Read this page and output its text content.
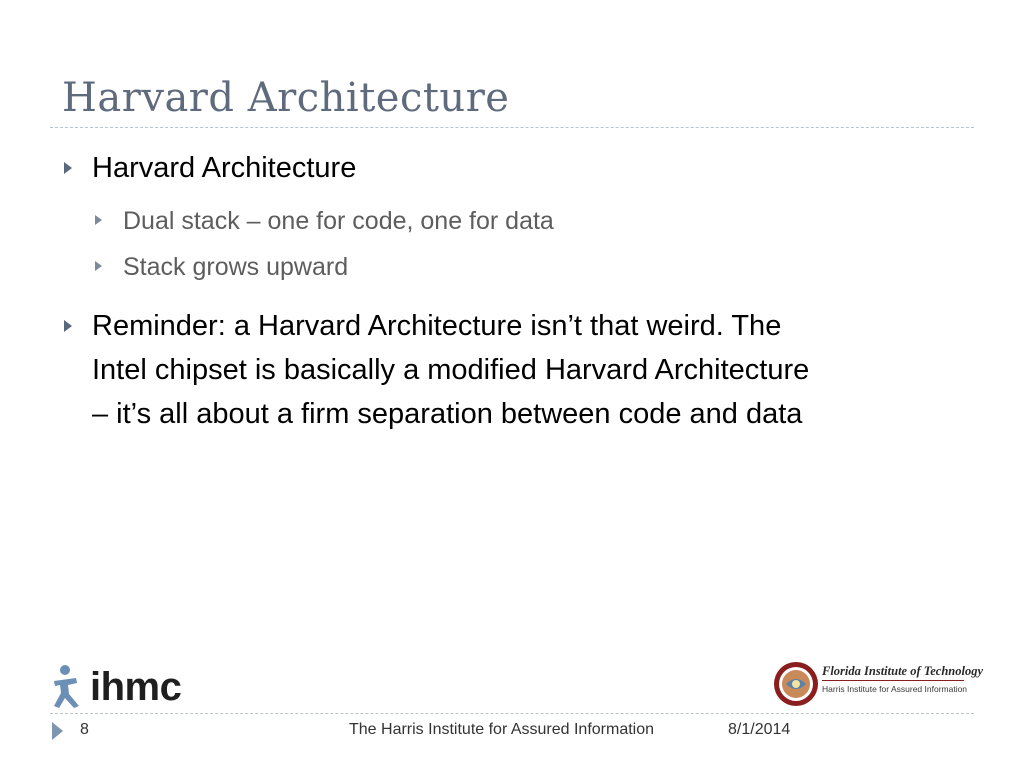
Harvard Architecture
Harvard Architecture
Dual stack – one for code, one for data
Stack grows upward
Reminder: a Harvard Architecture isn’t that weird. The
Intel chipset is basically a modified Harvard Architecture
– it’s all about a firm separation between code and data
ihmc	Florida Institute of Technology
Harris Institute for Assured Information
8	The Harris Institute for Assured Information	8/1/2014
